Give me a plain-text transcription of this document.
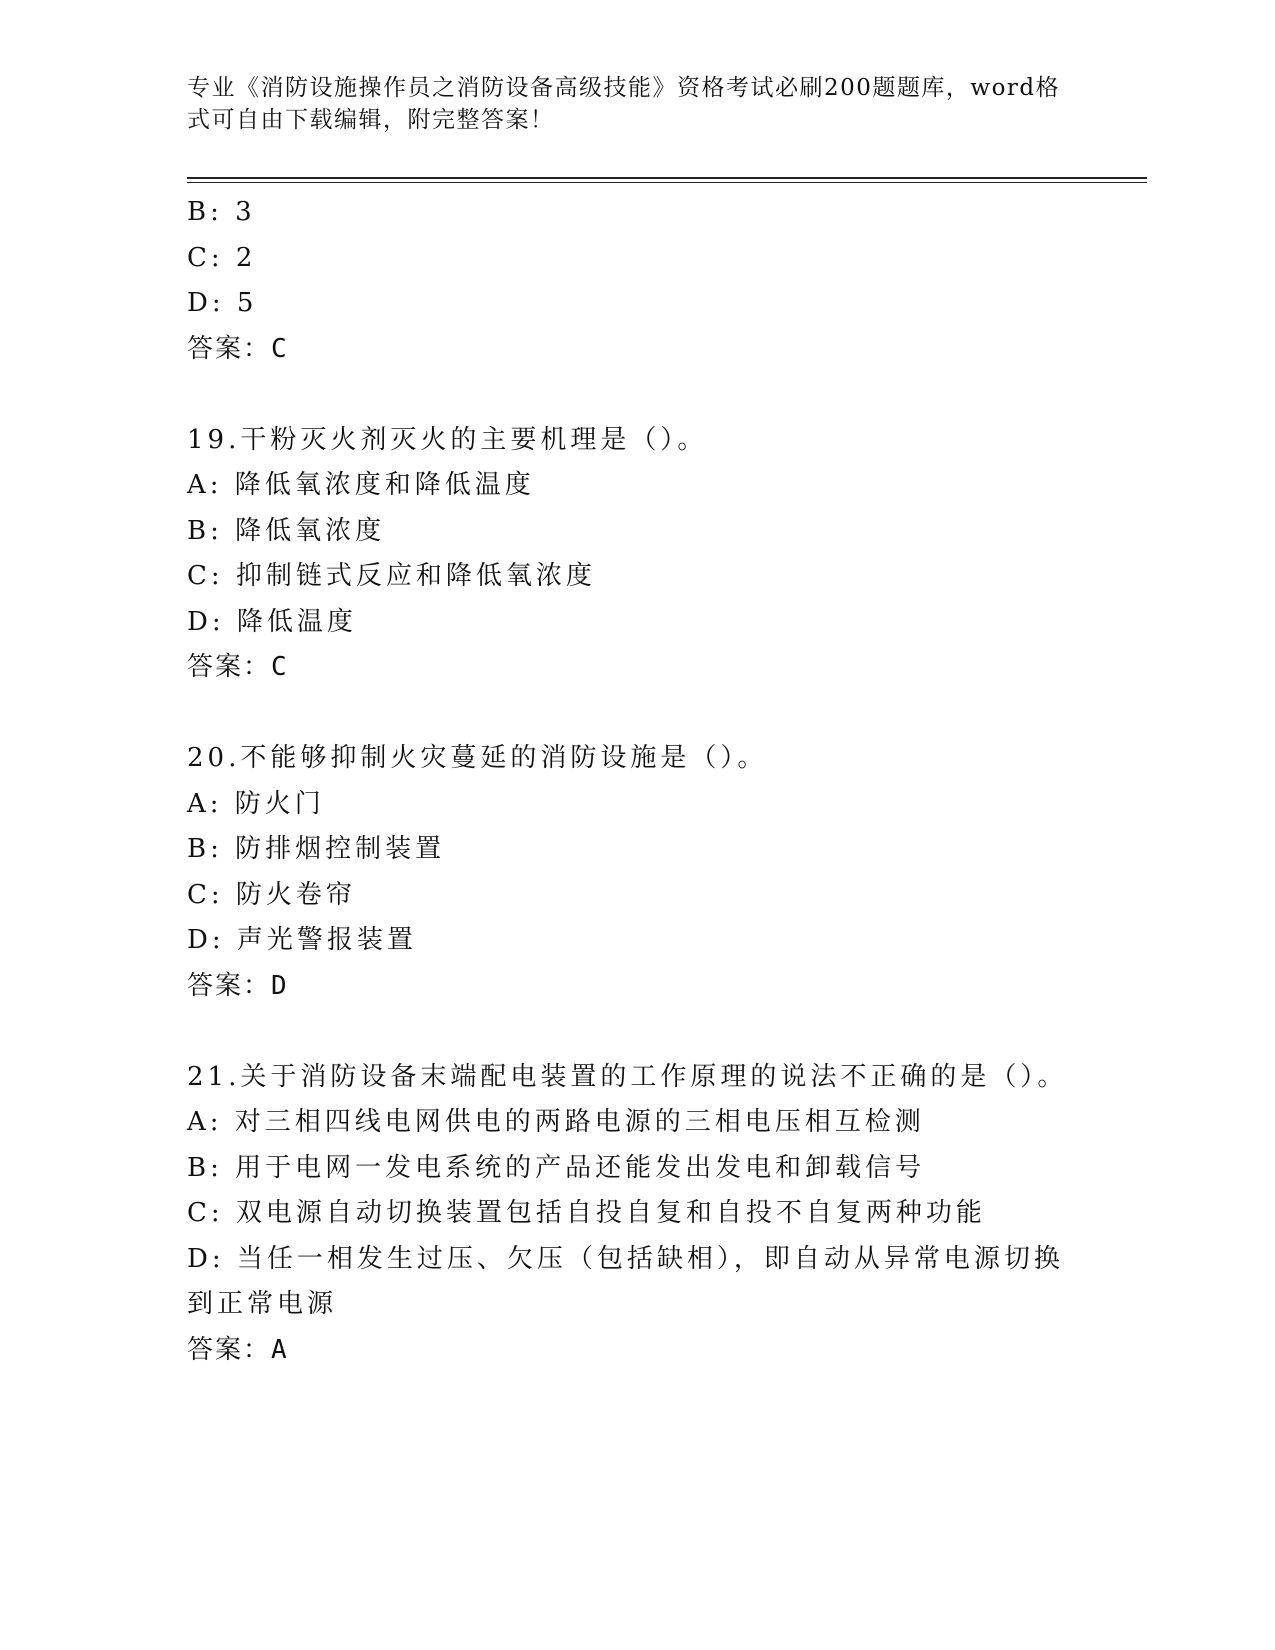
专业《消防设施操作员之消防设备高级技能》资格考试必刷200题题库，word格式可自由下载编辑，附完整答案！
B: 3
C: 2
D: 5
答案：C
19.干粉灭火剂灭火的主要机理是（）。
A: 降低氧浓度和降低温度
B: 降低氧浓度
C: 抑制链式反应和降低氧浓度
D: 降低温度
答案：C
20.不能够抑制火灾蔓延的消防设施是（）。
A: 防火门
B: 防排烟控制装置
C: 防火卷帘
D: 声光警报装置
答案：D
21.关于消防设备末端配电装置的工作原理的说法不正确的是（）。
A: 对三相四线电网供电的两路电源的三相电压相互检测
B: 用于电网一发电系统的产品还能发出发电和卸载信号
C: 双电源自动切换装置包括自投自复和自投不自复两种功能
D: 当任一相发生过压、欠压（包括缺相），即自动从异常电源切换到正常电源
答案：A
